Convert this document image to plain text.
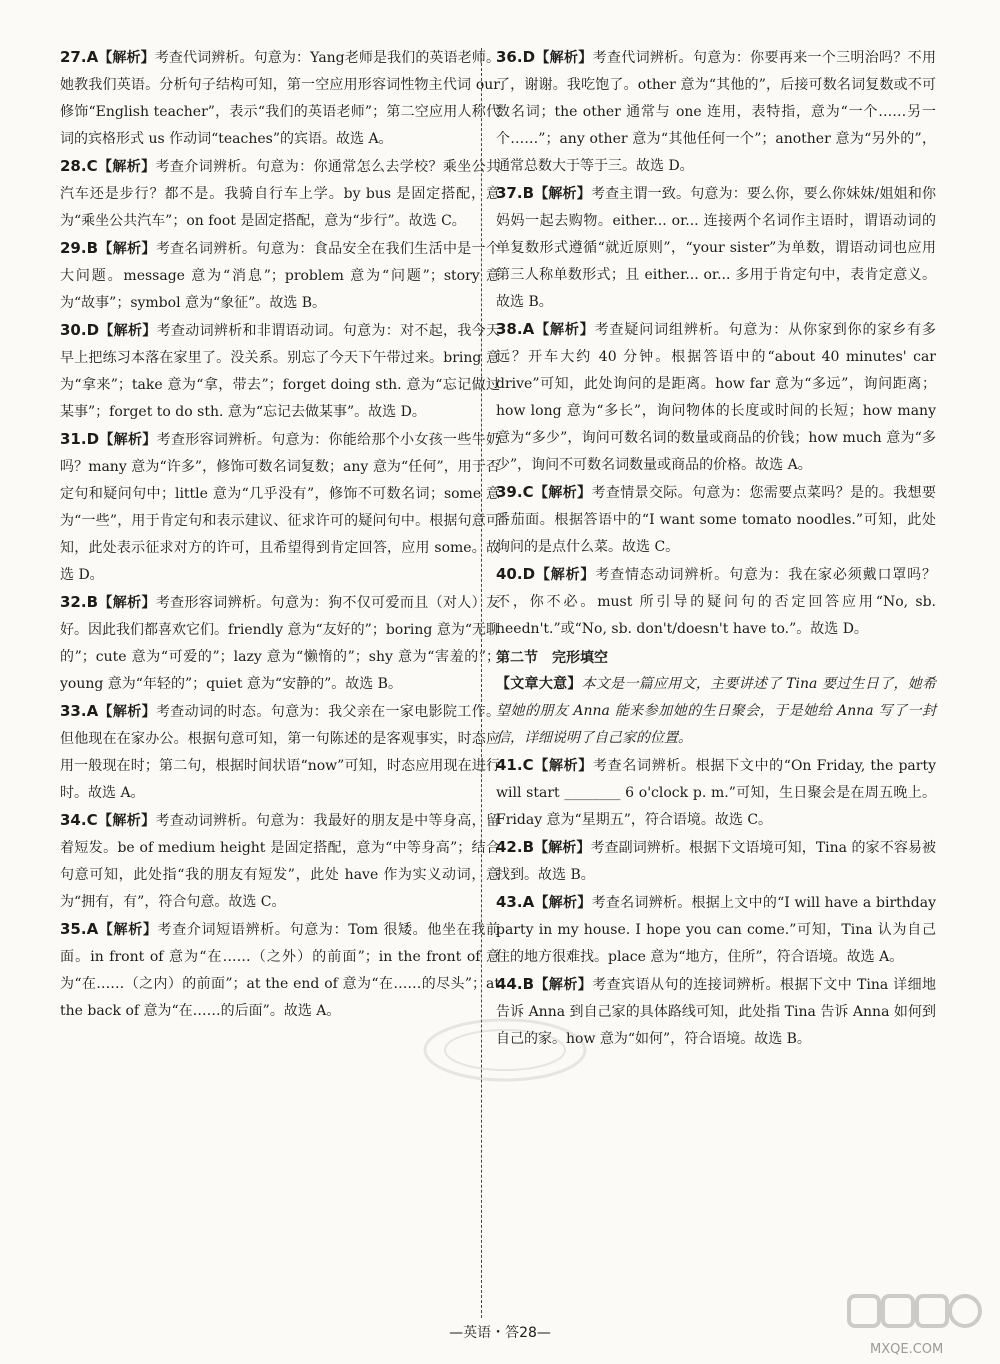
27.A【解析】考查代词辨析。句意为：Yang老师是我们的英语老师。她教我们英语。分析句子结构可知，第一空应用形容词性物主代词 our 修饰“English teacher”，表示“我们的英语老师”；第二空应用人称代词的宾格形式 us 作动词“teaches”的宾语。故选 A。
28.C【解析】考查介词辨析。句意为：你通常怎么去学校？乘坐公共汽车还是步行？都不是。我骑自行车上学。by bus 是固定搭配，意为“乘坐公共汽车”；on foot 是固定搭配，意为“步行”。故选 C。
29.B【解析】考查名词辨析。句意为：食品安全在我们生活中是一个大问题。message 意为“消息”；problem 意为“问题”；story 意为“故事”；symbol 意为“象征”。故选 B。
30.D【解析】考查动词辨析和非谓语动词。句意为：对不起，我今天早上把练习本落在家里了。没关系。别忘了今天下午带过来。bring 意为“拿来”；take 意为“拿，带去”；forget doing sth. 意为“忘记做过某事”；forget to do sth. 意为“忘记去做某事”。故选 D。
31.D【解析】考查形容词辨析。句意为：你能给那个小女孩一些牛奶吗？many 意为“许多”，修饰可数名词复数；any 意为“任何”，用于否定句和疑问句中；little 意为“几乎没有”，修饰不可数名词；some 意为“一些”，用于肯定句和表示建议、征求许可的疑问句中。根据句意可知，此处表示征求对方的许可，且希望得到肯定回答，应用 some。故选 D。
32.B【解析】考查形容词辨析。句意为：狗不仅可爱而且（对人）友好。因此我们都喜欢它们。friendly 意为“友好的”；boring 意为“无聊的”；cute 意为“可爱的”；lazy 意为“懒惰的”；shy 意为“害羞的”；young 意为“年轻的”；quiet 意为“安静的”。故选 B。
33.A【解析】考查动词的时态。句意为：我父亲在一家电影院工作。但他现在在家办公。根据句意可知，第一句陈述的是客观事实，时态应用一般现在时；第二句，根据时间状语“now”可知，时态应用现在进行时。故选 A。
34.C【解析】考查动词辨析。句意为：我最好的朋友是中等身高，留着短发。be of medium height 是固定搭配，意为“中等身高”；结合句意可知，此处指“我的朋友有短发”，此处 have 作为实义动词，意为“拥有，有”，符合句意。故选 C。
35.A【解析】考查介词短语辨析。句意为：Tom 很矮。他坐在我前面。in front of 意为“在……（之外）的前面”；in the front of 意为“在……（之内）的前面”；at the end of 意为“在……的尽头”；at the back of 意为“在……的后面”。故选 A。
36.D【解析】考查代词辨析。句意为：你要再来一个三明治吗？不用了，谢谢。我吃饱了。other 意为“其他的”，后接可数名词复数或不可数名词；the other 通常与 one 连用，表特指，意为“一个……另一个……”；any other 意为“其他任何一个”；another 意为“另外的”，通常总数大于等于三。故选 D。
37.B【解析】考查主谓一致。句意为：要么你，要么你妹妹/姐姐和你妈妈一起去购物。either... or... 连接两个名词作主语时，谓语动词的单复数形式遵循“就近原则”，“your sister”为单数，谓语动词也应用第三人称单数形式；且 either... or... 多用于肯定句中，表肯定意义。故选 B。
38.A【解析】考查疑问词组辨析。句意为：从你家到你的家乡有多远？开车大约 40 分钟。根据答语中的“about 40 minutes' car drive”可知，此处询问的是距离。how far 意为“多远”，询问距离；how long 意为“多长”，询问物体的长度或时间的长短；how many 意为“多少”，询问可数名词的数量或商品的价钱；how much 意为“多少”，询问不可数名词数量或商品的价格。故选 A。
39.C【解析】考查情景交际。句意为：您需要点菜吗？是的。我想要番茄面。根据答语中的“I want some tomato noodles.”可知，此处询问的是点什么菜。故选 C。
40.D【解析】考查情态动词辨析。句意为：我在家必须戴口罩吗？不，你不必。must 所引导的疑问句的否定回答应用“No, sb. needn't.”或“No, sb. don't/doesn't have to.”。故选 D。
第二节　完形填空
【文章大意】本文是一篇应用文，主要讲述了 Tina 要过生日了，她希望她的朋友 Anna 能来参加她的生日聚会，于是她给 Anna 写了一封信，详细说明了自己家的位置。
41.C【解析】考查名词辨析。根据下文中的“On Friday, the party will start ________ 6 o'clock p. m.”可知，生日聚会是在周五晚上。Friday 意为“星期五”，符合语境。故选 C。
42.B【解析】考查副词辨析。根据下文语境可知，Tina 的家不容易被找到。故选 B。
43.A【解析】考查名词辨析。根据上文中的“I will have a birthday party in my house. I hope you can come.”可知，Tina 认为自己住的地方很难找。place 意为“地方，住所”，符合语境。故选 A。
44.B【解析】考查宾语从句的连接词辨析。根据下文中 Tina 详细地告诉 Anna 到自己家的具体路线可知，此处指 Tina 告诉 Anna 如何到自己的家。how 意为“如何”，符合语境。故选 B。
—英语・答28—
MXQE.COM
